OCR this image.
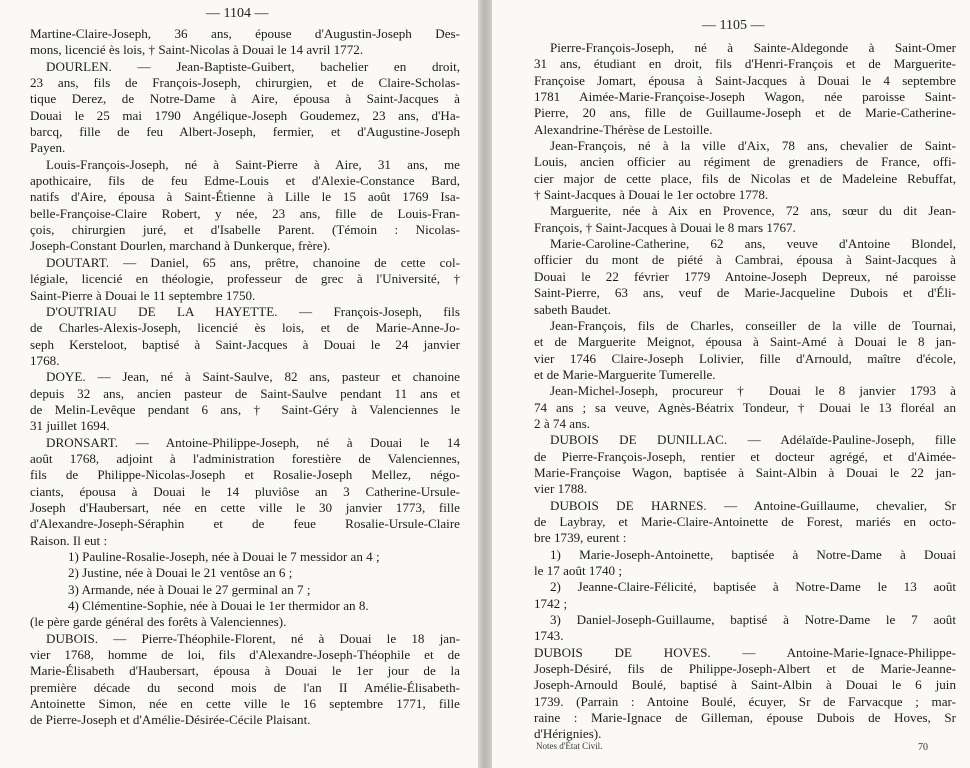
— 1104 —
Martine-Claire-Joseph, 36 ans, épouse d'Augustin-Joseph Des-
mons, licencié ès lois, † Saint-Nicolas à Douai le 14 avril 1772.
DOURLEN. — Jean-Baptiste-Guibert, bachelier en droit,
23 ans, fils de François-Joseph, chirurgien, et de Claire-Scholas-
tique Derez, de Notre-Dame à Aire, épousa à Saint-Jacques à
Douai le 25 mai 1790 Angélique-Joseph Goudemez, 23 ans, d'Ha-
barcq, fille de feu Albert-Joseph, fermier, et d'Augustine-Joseph
Payen.
Louis-François-Joseph, né à Saint-Pierre à Aire, 31 ans, me
apothicaire, fils de feu Edme-Louis et d'Alexie-Constance Bard,
natifs d'Aire, épousa à Saint-Étienne à Lille le 15 août 1769 Isa-
belle-Françoise-Claire Robert, y née, 23 ans, fille de Louis-Fran-
çois, chirurgien juré, et d'Isabelle Parent. (Témoin : Nicolas-
Joseph-Constant Dourlen, marchand à Dunkerque, frère).
DOUTART. — Daniel, 65 ans, prêtre, chanoine de cette col-
légiale, licencié en théologie, professeur de grec à l'Université, †
Saint-Pierre à Douai le 11 septembre 1750.
D'OUTRIAU DE LA HAYETTE. — François-Joseph, fils
de Charles-Alexis-Joseph, licencié ès lois, et de Marie-Anne-Jo-
seph Kersteloot, baptisé à Saint-Jacques à Douai le 24 janvier
1768.
DOYE. — Jean, né à Saint-Saulve, 82 ans, pasteur et chanoine
depuis 32 ans, ancien pasteur de Saint-Saulve pendant 11 ans et
de Melin-Levêque pendant 6 ans, † Saint-Géry à Valenciennes le
31 juillet 1694.
DRONSART. — Antoine-Philippe-Joseph, né à Douai le 14
août 1768, adjoint à l'administration forestière de Valenciennes,
fils de Philippe-Nicolas-Joseph et Rosalie-Joseph Mellez, négo-
ciants, épousa à Douai le 14 pluviôse an 3 Catherine-Ursule-
Joseph d'Haubersart, née en cette ville le 30 janvier 1773, fille
d'Alexandre-Joseph-Séraphin et de feue Rosalie-Ursule-Claire
Raison. Il eut :
1) Pauline-Rosalie-Joseph, née à Douai le 7 messidor an 4 ;
2) Justine, née à Douai le 21 ventôse an 6 ;
3) Armande, née à Douai le 27 germinal an 7 ;
4) Clémentine-Sophie, née à Douai le 1er thermidor an 8.
(le père garde général des forêts à Valenciennes).
DUBOIS. — Pierre-Théophile-Florent, né à Douai le 18 jan-
vier 1768, homme de loi, fils d'Alexandre-Joseph-Théophile et de
Marie-Élisabeth d'Haubersart, épousa à Douai le 1er jour de la
première décade du second mois de l'an II Amélie-Élisabeth-
Antoinette Simon, née en cette ville le 16 septembre 1771, fille
de Pierre-Joseph et d'Amélie-Désirée-Cécile Plaisant.
— 1105 —
Pierre-François-Joseph, né à Sainte-Aldegonde à Saint-Omer
31 ans, étudiant en droit, fils d'Henri-François et de Marguerite-
Françoise Jomart, épousa à Saint-Jacques à Douai le 4 septembre
1781 Aimée-Marie-Françoise-Joseph Wagon, née paroisse Saint-
Pierre, 20 ans, fille de Guillaume-Joseph et de Marie-Catherine-
Alexandrine-Thérèse de Lestoille.
Jean-François, né à la ville d'Aix, 78 ans, chevalier de Saint-
Louis, ancien officier au régiment de grenadiers de France, offi-
cier major de cette place, fils de Nicolas et de Madeleine Rebuffat,
† Saint-Jacques à Douai le 1er octobre 1778.
Marguerite, née à Aix en Provence, 72 ans, sœur du dit Jean-
François, † Saint-Jacques à Douai le 8 mars 1767.
Marie-Caroline-Catherine, 62 ans, veuve d'Antoine Blondel,
officier du mont de piété à Cambrai, épousa à Saint-Jacques à
Douai le 22 février 1779 Antoine-Joseph Depreux, né paroisse
Saint-Pierre, 63 ans, veuf de Marie-Jacqueline Dubois et d'Éli-
sabeth Baudet.
Jean-François, fils de Charles, conseiller de la ville de Tournai,
et de Marguerite Meignot, épousa à Saint-Amé à Douai le 8 jan-
vier 1746 Claire-Joseph Lolivier, fille d'Arnould, maître d'école,
et de Marie-Marguerite Tumerelle.
Jean-Michel-Joseph, procureur † Douai le 8 janvier 1793 à
74 ans ; sa veuve, Agnès-Béatrix Tondeur, † Douai le 13 floréal an
2 à 74 ans.
DUBOIS DE DUNILLAC. — Adélaïde-Pauline-Joseph, fille
de Pierre-François-Joseph, rentier et docteur agrégé, et d'Aimée-
Marie-Françoise Wagon, baptisée à Saint-Albin à Douai le 22 jan-
vier 1788.
DUBOIS DE HARNES. — Antoine-Guillaume, chevalier, Sr
de Laybray, et Marie-Claire-Antoinette de Forest, mariés en octo-
bre 1739, eurent :
1) Marie-Joseph-Antoinette, baptisée à Notre-Dame à Douai
le 17 août 1740 ;
2) Jeanne-Claire-Félicité, baptisée à Notre-Dame le 13 août
1742 ;
3) Daniel-Joseph-Guillaume, baptisé à Notre-Dame le 7 août
1743.
DUBOIS DE HOVES. — Antoine-Marie-Ignace-Philippe-
Joseph-Désiré, fils de Philippe-Joseph-Albert et de Marie-Jeanne-
Joseph-Arnould Boulé, baptisé à Saint-Albin à Douai le 6 juin
1739. (Parrain : Antoine Boulé, écuyer, Sr de Farvacque ; mar-
raine : Marie-Ignace de Gilleman, épouse Dubois de Hoves, Sr
d'Hérignies).
Notes d'État Civil.	70
